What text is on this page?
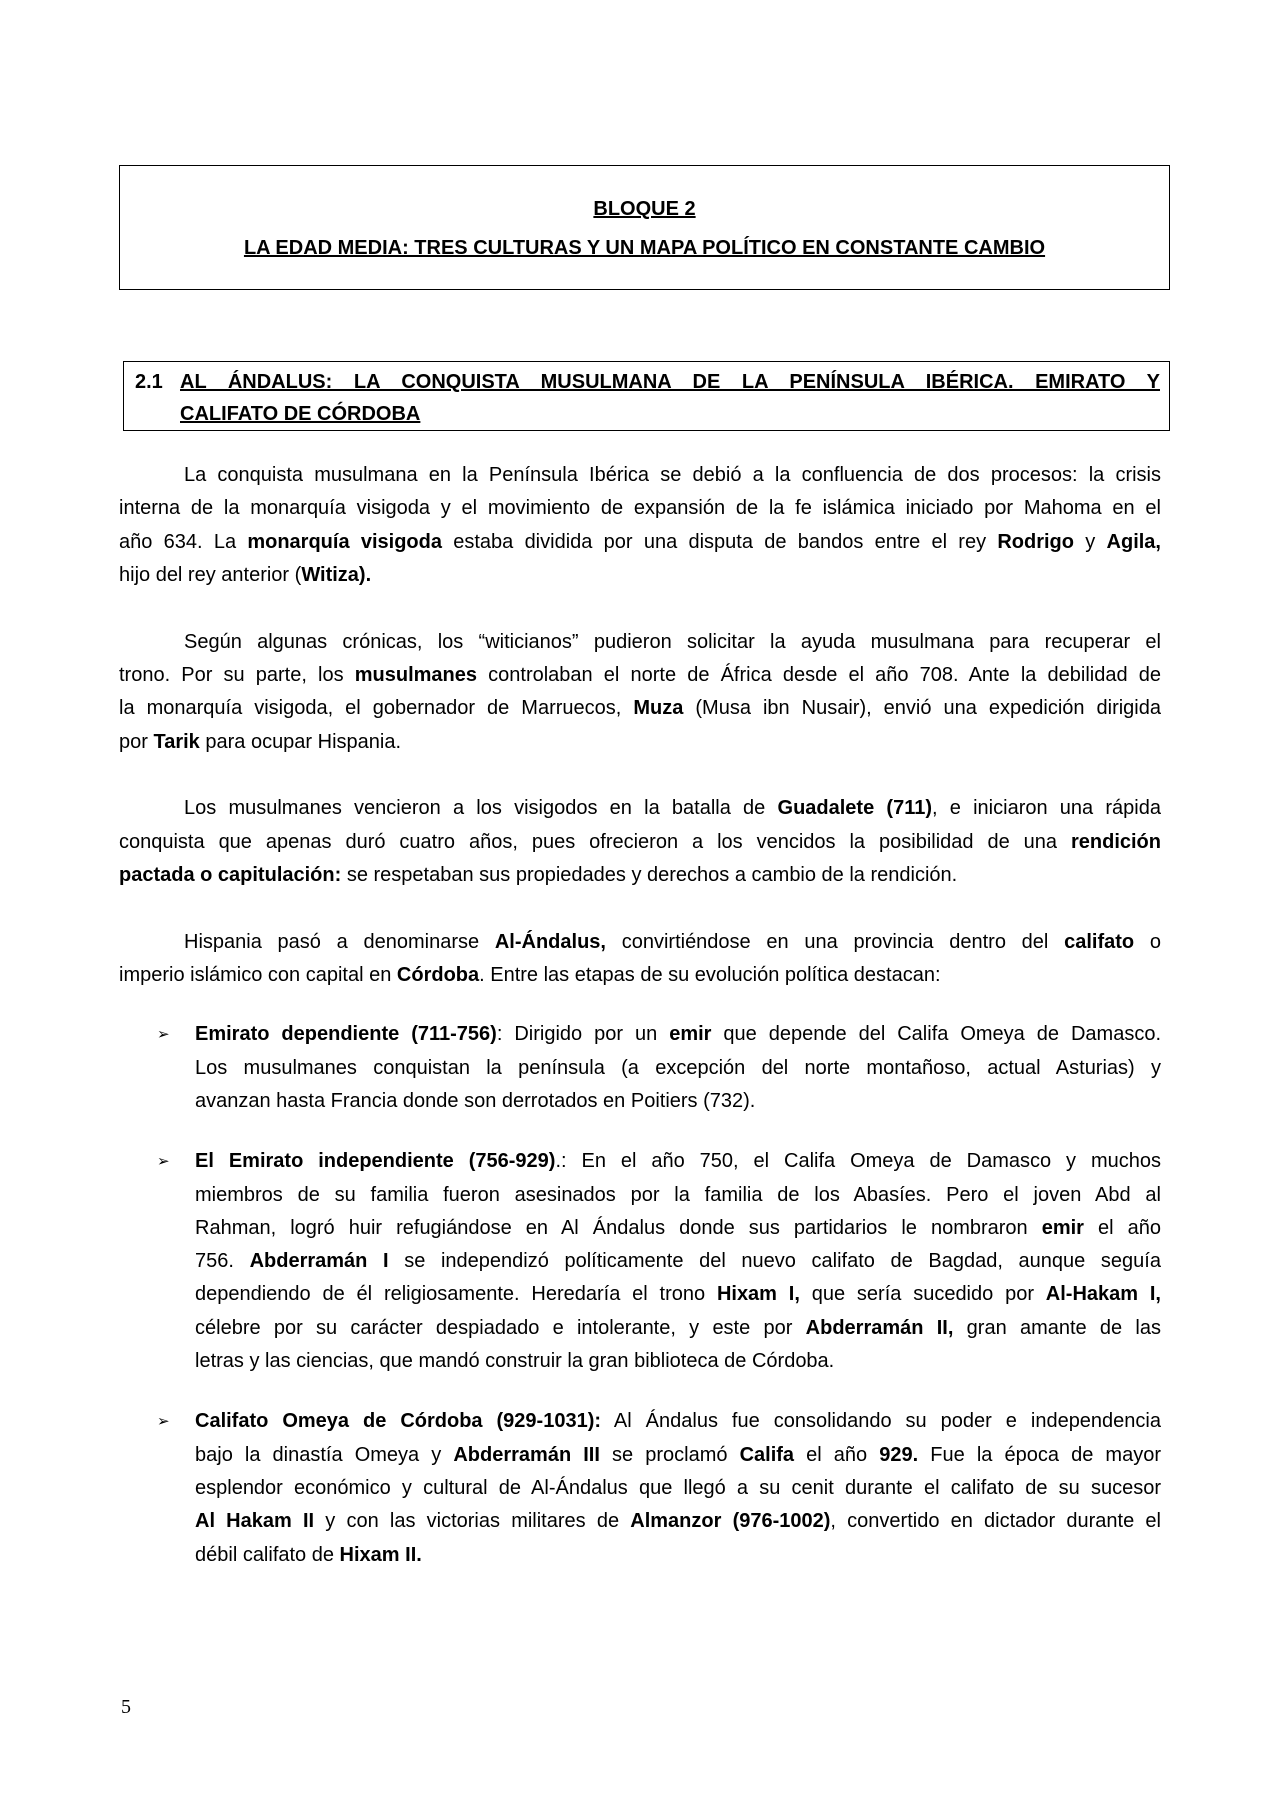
BLOQUE 2
LA EDAD MEDIA: TRES CULTURAS Y UN MAPA POLÍTICO EN CONSTANTE CAMBIO
2.1 AL ÁNDALUS: LA CONQUISTA MUSULMANA DE LA PENÍNSULA IBÉRICA. EMIRATO Y
CALIFATO DE CÓRDOBA
La conquista musulmana en la Península Ibérica se debió a la confluencia de dos procesos: la crisis
interna de la monarquía visigoda y el movimiento de expansión de la fe islámica iniciado por Mahoma en el
año 634. La monarquía visigoda estaba dividida por una disputa de bandos entre el rey Rodrigo y Agila,
hijo del rey anterior (Witiza).
Según algunas crónicas, los “witicianos” pudieron solicitar la ayuda musulmana para recuperar el
trono. Por su parte, los musulmanes controlaban el norte de África desde el año 708. Ante la debilidad de
la monarquía visigoda, el gobernador de Marruecos, Muza (Musa ibn Nusair), envió una expedición dirigida
por Tarik para ocupar Hispania.
Los musulmanes vencieron a los visigodos en la batalla de Guadalete (711), e iniciaron una rápida
conquista que apenas duró cuatro años, pues ofrecieron a los vencidos la posibilidad de una rendición
pactada o capitulación: se respetaban sus propiedades y derechos a cambio de la rendición.
Hispania pasó a denominarse Al-Ándalus, convirtiéndose en una provincia dentro del califato o
imperio islámico con capital en Córdoba. Entre las etapas de su evolución política destacan:
➢ Emirato dependiente (711-756): Dirigido por un emir que depende del Califa Omeya de Damasco.
Los musulmanes conquistan la península (a excepción del norte montañoso, actual Asturias) y
avanzan hasta Francia donde son derrotados en Poitiers (732).
➢ El Emirato independiente (756-929).: En el año 750, el Califa Omeya de Damasco y muchos
miembros de su familia fueron asesinados por la familia de los Abasíes. Pero el joven Abd al
Rahman, logró huir refugiándose en Al Ándalus donde sus partidarios le nombraron emir el año
756. Abderramán I se independizó políticamente del nuevo califato de Bagdad, aunque seguía
dependiendo de él religiosamente. Heredaría el trono Hixam I, que sería sucedido por Al-Hakam I,
célebre por su carácter despiadado e intolerante, y este por Abderramán II, gran amante de las
letras y las ciencias, que mandó construir la gran biblioteca de Córdoba.
➢ Califato Omeya de Córdoba (929-1031): Al Ándalus fue consolidando su poder e independencia
bajo la dinastía Omeya y Abderramán III se proclamó Califa el año 929. Fue la época de mayor
esplendor económico y cultural de Al-Ándalus que llegó a su cenit durante el califato de su sucesor
Al Hakam II y con las victorias militares de Almanzor (976-1002), convertido en dictador durante el
débil califato de Hixam II.
5
